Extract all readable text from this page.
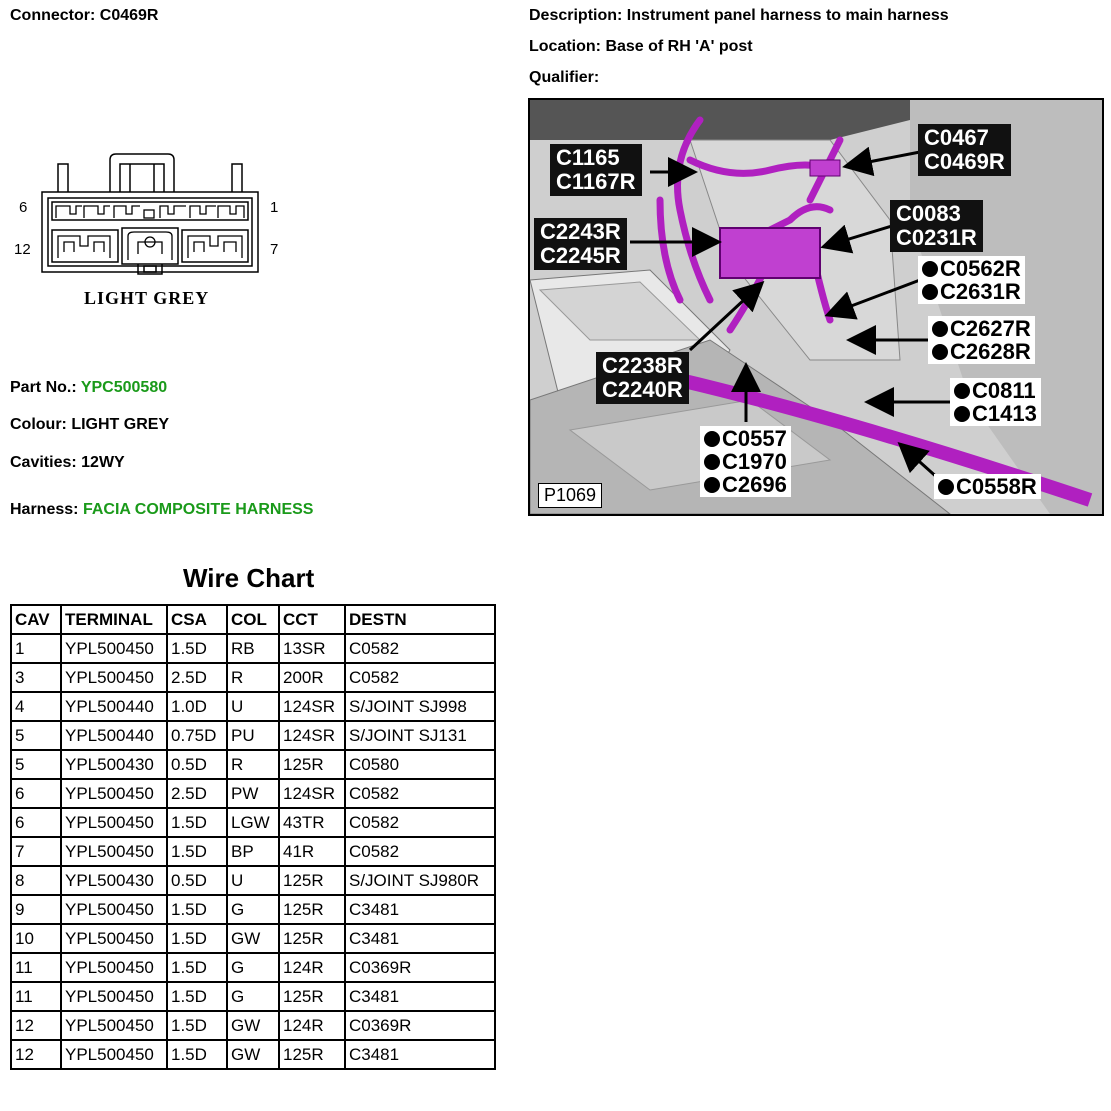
Connector: C0469R	Description: Instrument panel harness to main harness
Location: Base of RH 'A' post
Qualifier:
6	1
12	7
LIGHT GREY
Part No.: YPC500580
Colour: LIGHT GREY
Cavities: 12WY
Harness: FACIA COMPOSITE HARNESS
Wire Chart
CAV	TERMINAL	CSA	COL	CCT	DESTN
1	YPL500450	1.5D	RB	13SR	C0582
3	YPL500450	2.5D	R	200R	C0582
4	YPL500440	1.0D	U	124SR	S/JOINT SJ998
5	YPL500440	0.75D	PU	124SR	S/JOINT SJ131
5	YPL500430	0.5D	R	125R	C0580
6	YPL500450	2.5D	PW	124SR	C0582
6	YPL500450	1.5D	LGW	43TR	C0582
7	YPL500450	1.5D	BP	41R	C0582
8	YPL500430	0.5D	U	125R	S/JOINT SJ980R
9	YPL500450	1.5D	G	125R	C3481
10	YPL500450	1.5D	GW	125R	C3481
11	YPL500450	1.5D	G	124R	C0369R
11	YPL500450	1.5D	G	125R	C3481
12	YPL500450	1.5D	GW	124R	C0369R
12	YPL500450	1.5D	GW	125R	C3481
C1165
C1167R
C0467
C0469R
C2243R
C2245R
C0083
C0231R
C0562R
C2631R
C2627R
C2628R
C2238R
C2240R	C0811
C1413
C0557
C1970
C2696	C0558R
P1069
